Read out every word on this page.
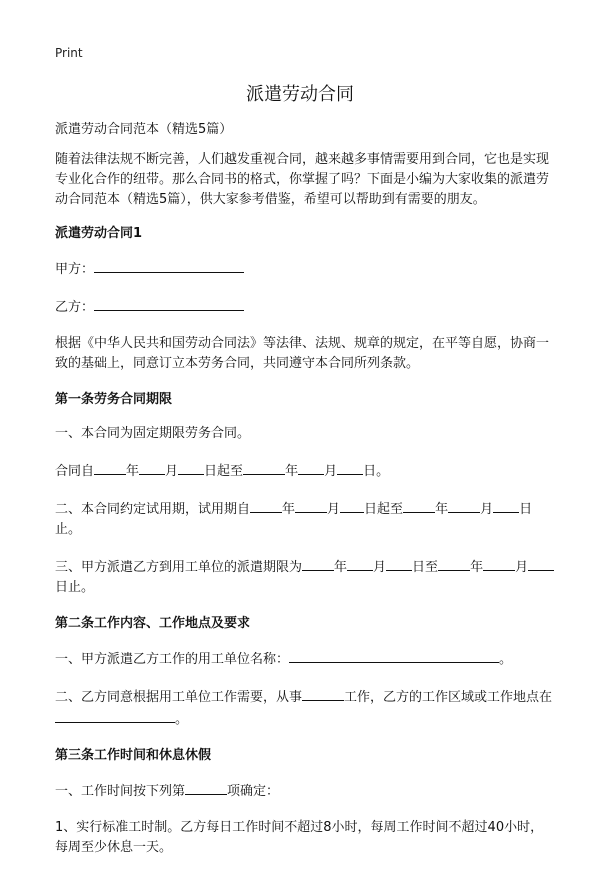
Print
派遣劳动合同

派遣劳动合同范本（精选5篇）

随着法律法规不断完善，人们越发重视合同，越来越多事情需要用到合同，它也是实现专业化合作的纽带。那么合同书的格式，你掌握了吗？下面是小编为大家收集的派遣劳动合同范本（精选5篇），供大家参考借鉴，希望可以帮助到有需要的朋友。

派遣劳动合同1

甲方：

乙方：

根据《中华人民共和国劳动合同法》等法律、法规、规章的规定，在平等自愿，协商一致的基础上，同意订立本劳务合同，共同遵守本合同所列条款。

第一条劳务合同期限

一、本合同为固定期限劳务合同。

合同自 年 月 日起至	年 月 日。

二、本合同约定试用期，试用期自 年 月 日起至 年 月 日止。

三、甲方派遣乙方到用工单位的派遣期限为 年 月 日至 年 月日止。

第二条工作内容、工作地点及要求

一、甲方派遣乙方工作的用工单位名称：	。

二、乙方同意根据用工单位工作需要，从事	工作，乙方的工作区域或工作地点在。

第三条工作时间和休息休假

一、工作时间按下列第	项确定：

1、实行标准工时制。乙方每日工作时间不超过8小时，每周工作时间不超过40小时，每周至少休息一天。
